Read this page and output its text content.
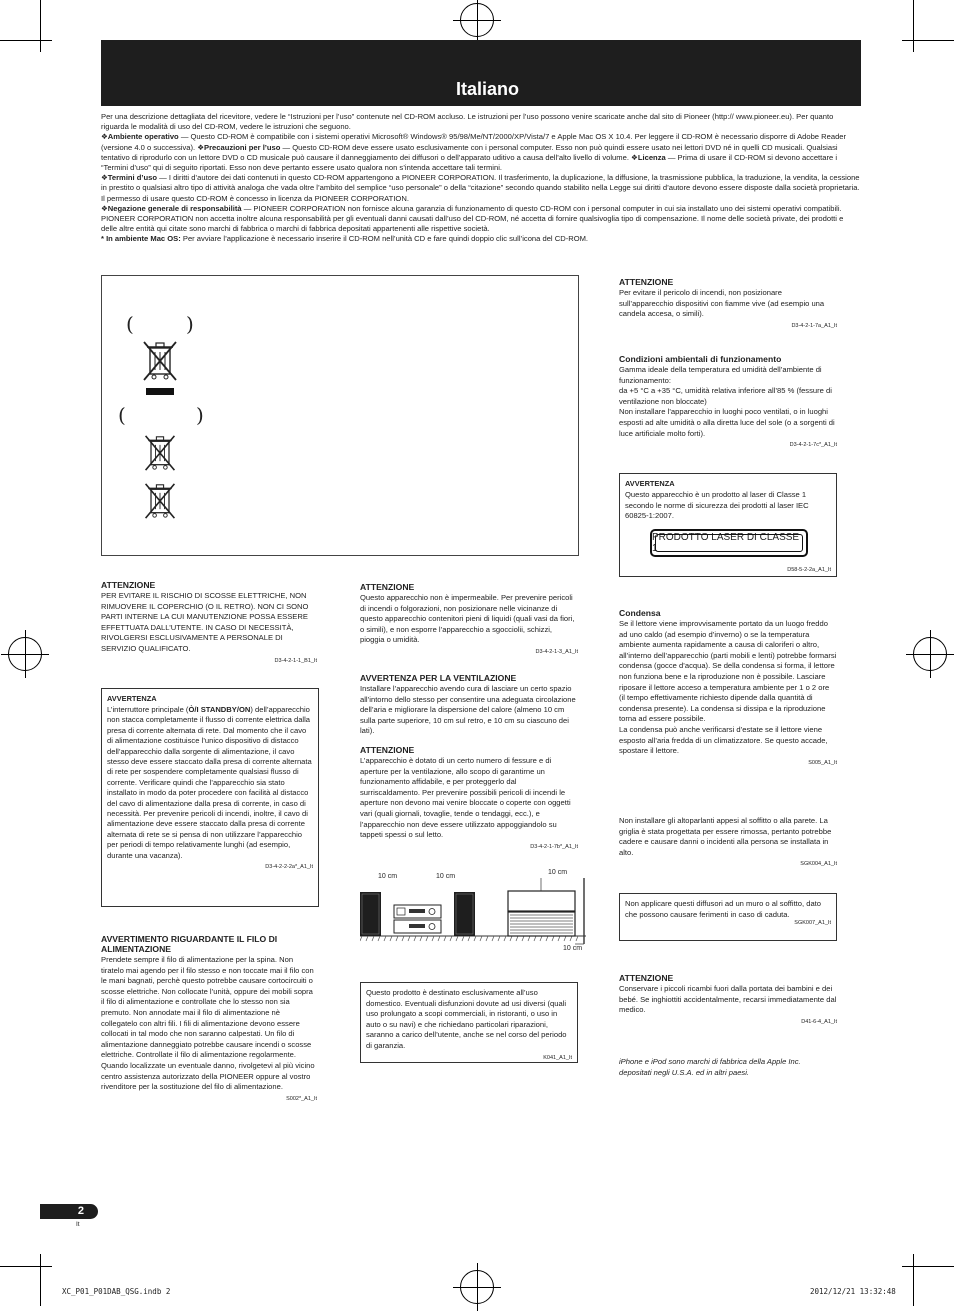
Italiano

Per una descrizione dettagliata del ricevitore, vedere le “Istruzioni per l’uso” contenute nel CD-ROM accluso. Le istruzioni per l’uso possono venire scaricate anche dal sito di Pioneer (http:// www.pioneer.eu). Per quanto riguarda le modalità di uso del CD-ROM, vedere le istruzioni che seguono.

❖Ambiente operativo — Questo CD-ROM è compatibile con i sistemi operativi Microsoft® Windows® 95/98/Me/NT/2000/XP/Vista/7 e Apple Mac OS X 10.4. Per leggere il CD-ROM è necessario disporre di Adobe Reader (versione 4.0 o successiva). ❖Precauzioni per l’uso — Questo CD-ROM deve essere usato esclusivamente con i personal computer. Esso non può quindi essere usato nei lettori DVD né in quelli CD musicali. Qualsiasi tentativo di riprodurlo con un lettore DVD o CD musicale può causare il danneggiamento dei diffusori o dell’apparato uditivo a causa dell’alto livello di volume. ❖Licenza — Prima di usare il CD-ROM si devono accettare i “Termini d’uso” qui di seguito riportati. Esso non deve pertanto essere usato qualora non s’intenda accettare tali termini.

❖Termini d’uso — I diritti d’autore dei dati contenuti in questo CD-ROM appartengono a PIONEER CORPORATION. Il trasferimento, la duplicazione, la diffusione, la trasmissione pubblica, la traduzione, la vendita, la cessione in prestito o qualsiasi altro tipo di attività analoga che vada oltre l’ambito del semplice “uso personale” o della “citazione” secondo quando stabilito nella Legge sui diritti d’autore devono essere disposte dalla società proprietaria. Il permesso di usare questo CD-ROM è concesso in licenza da PIONEER CORPORATION.

❖Negazione generale di responsabilità — PIONEER CORPORATION non fornisce alcuna garanzia di funzionamento di questo CD-ROM con i personal computer in cui sia installato uno dei sistemi operativi compatibili. PIONEER CORPORATION non accetta inoltre alcuna responsabilità per gli eventuali danni causati dall’uso del CD-ROM, né accetta di fornire qualsivoglia tipo di compensazione. Il nome delle società private, dei prodotti e delle altre entità qui citate sono marchi di fabbrica o marchi di fabbrica depositati appartenenti alle rispettive società.

* In ambiente Mac OS: Per avviare l’applicazione è necessario inserire il CD-ROM nell’unità CD e fare quindi doppio clic sull’icona del CD-ROM.

(	)
(	)

ATTENZIONE

PER EVITARE IL RISCHIO DI SCOSSE ELETTRICHE, NON RIMUOVERE IL COPERCHIO (O IL RETRO). NON CI SONO PARTI INTERNE LA CUI MANUTENZIONE POSSA ESSERE EFFETTUATA DALL’UTENTE. IN CASO DI NECESSITÀ, RIVOLGERSI ESCLUSIVAMENTE A PERSONALE DI SERVIZIO QUALIFICATO.

D3-4-2-1-1_B1_It

AVVERTENZA

L’interruttore principale (Ò/I STANDBY/ON) dell’apparecchio non stacca completamente il flusso di corrente elettrica dalla presa di corrente alternata di rete. Dal momento che il cavo di alimentazione costituisce l’unico dispositivo di distacco dell’apparecchio dalla sorgente di alimentazione, il cavo stesso deve essere staccato dalla presa di corrente alternata di rete per sospendere completamente qualsiasi flusso di corrente. Verificare quindi che l’apparecchio sia stato installato in modo da poter procedere con facilità al distacco del cavo di alimentazione dalla presa di corrente, in caso di necessità. Per prevenire pericoli di incendi, inoltre, il cavo di alimentazione deve essere staccato dalla presa di corrente alternata di rete se si pensa di non utilizzare l’apparecchio per periodi di tempo relativamente lunghi (ad esempio, durante una vacanza).

D3-4-2-2-2a*_A1_It

AVVERTIMENTO RIGUARDANTE IL FILO DI ALIMENTAZIONE

Prendete sempre il filo di alimentazione per la spina. Non tiratelo mai agendo per il filo stesso e non toccate mai il filo con le mani bagnati, perchè questo potrebbe causare cortocircuiti o scosse elettriche. Non collocate l’unità, oppure dei mobili sopra il filo di alimentazione e controllate che lo stesso non sia premuto. Non annodate mai il filo di alimentazione nè collegatelo con altri fili. I fili di alimentazione devono essere collocati in tal modo che non saranno calpestati. Un filo di alimentazione danneggiato potrebbe causare incendi o scosse elettriche. Controllate il filo di alimentazione regolarmente. Quando localizzate un eventuale danno, rivolgetevi al più vicino centro assistenza autorizzato della PIONEER oppure al vostro rivenditore per la sostituzione del filo di alimentazione.

S002*_A1_It

ATTENZIONE

Questo apparecchio non è impermeabile. Per prevenire pericoli di incendi o folgorazioni, non posizionare nelle vicinanze di questo apparecchio contenitori pieni di liquidi (quali vasi da fiori, o simili), e non esporre l’apparecchio a sgocciolii, schizzi, pioggia o umidità.

D3-4-2-1-3_A1_It

AVVERTENZA PER LA VENTILAZIONE

Installare l’apparecchio avendo cura di lasciare un certo spazio all’intorno dello stesso per consentire una adeguata circolazione dell’aria e migliorare la dispersione del calore (almeno 10 cm sulla parte superiore, 10 cm sul retro, e 10 cm su ciascuno dei lati).

ATTENZIONE

L’apparecchio è dotato di un certo numero di fessure e di aperture per la ventilazione, allo scopo di garantirne un funzionamento affidabile, e per proteggerlo dal surriscaldamento. Per prevenire possibili pericoli di incendi le aperture non devono mai venire bloccate o coperte con oggetti vari (quali giornali, tovaglie, tende o tendaggi, ecc.), e l’apparecchio non deve essere utilizzato appoggiandolo su tappeti spessi o sul letto.

D3-4-2-1-7b*_A1_It
10 cm	10 cm
10 cm
10 cm

Questo prodotto è destinato esclusivamente all’uso domestico. Eventuali disfunzioni dovute ad usi diversi (quali uso prolungato a scopi commerciali, in ristoranti, o uso in auto o su navi) e che richiedano particolari riparazioni, saranno a carico dell’utente, anche se nel corso del periodo di garanzia.

K041_A1_It

ATTENZIONE

Per evitare il pericolo di incendi, non posizionare sull’apparecchio dispositivi con fiamme vive (ad esempio una candela accesa, o simili).

D3-4-2-1-7a_A1_It

Condizioni ambientali di funzionamento

Gamma ideale della temperatura ed umidità dell’ambiente di funzionamento:
da +5 °C a +35 °C, umidità relativa inferiore all’85 % (fessure di ventilazione non bloccate)
Non installare l’apparecchio in luoghi poco ventilati, o in luoghi esposti ad alte umidità o alla diretta luce del sole (o a sorgenti di luce artificiale molto forti).

D3-4-2-1-7c*_A1_It

AVVERTENZA

Questo apparecchio è un prodotto al laser di Classe 1 secondo le norme di sicurezza dei prodotti al laser IEC 60825-1:2007.

D58-5-2-2a_A1_It
PRODOTTO LASER DI CLASSE 1

Condensa

Se il lettore viene improvvisamente portato da un luogo freddo ad uno caldo (ad esempio d’inverno) o se la temperatura ambiente aumenta rapidamente a causa di caloriferi o altro, all’interno dell’apparecchio (parti mobili e lenti) potrebbe formarsi condensa (gocce d’acqua). Se della condensa si forma, il lettore non funziona bene e la riproduzione non è possibile. Lasciare riposare il lettore acceso a temperatura ambiente per 1 o 2 ore (il tempo effettivamente richiesto dipende dalla quantità di condensa presente). La condensa si dissipa e la riproduzione torna ad essere possibile.
La condensa può anche verificarsi d’estate se il lettore viene esposto all’aria fredda di un climatizzatore. Se questo accade, spostare il lettore.

S005_A1_It

Non installare gli altoparlanti appesi al soffitto o alla parete. La griglia è stata progettata per essere rimossa, pertanto potrebbe cadere e causare danni o incidenti alla persona se installata in alto.

SGK004_A1_It

Non applicare questi diffusori ad un muro o al soffitto, dato che possono causare ferimenti in caso di caduta.

SGK007_A1_It

ATTENZIONE

Conservare i piccoli ricambi fuori dalla portata dei bambini e dei bebé. Se inghiottiti accidentalmente, recarsi immediatamente dal medico.

D41-6-4_A1_It

iPhone e iPod sono marchi di fabbrica della Apple Inc. depositati negli U.S.A. ed in altri paesi.

2
It
XC_P01_P01DAB_QSG.indb 2	2012/12/21 13:32:48
